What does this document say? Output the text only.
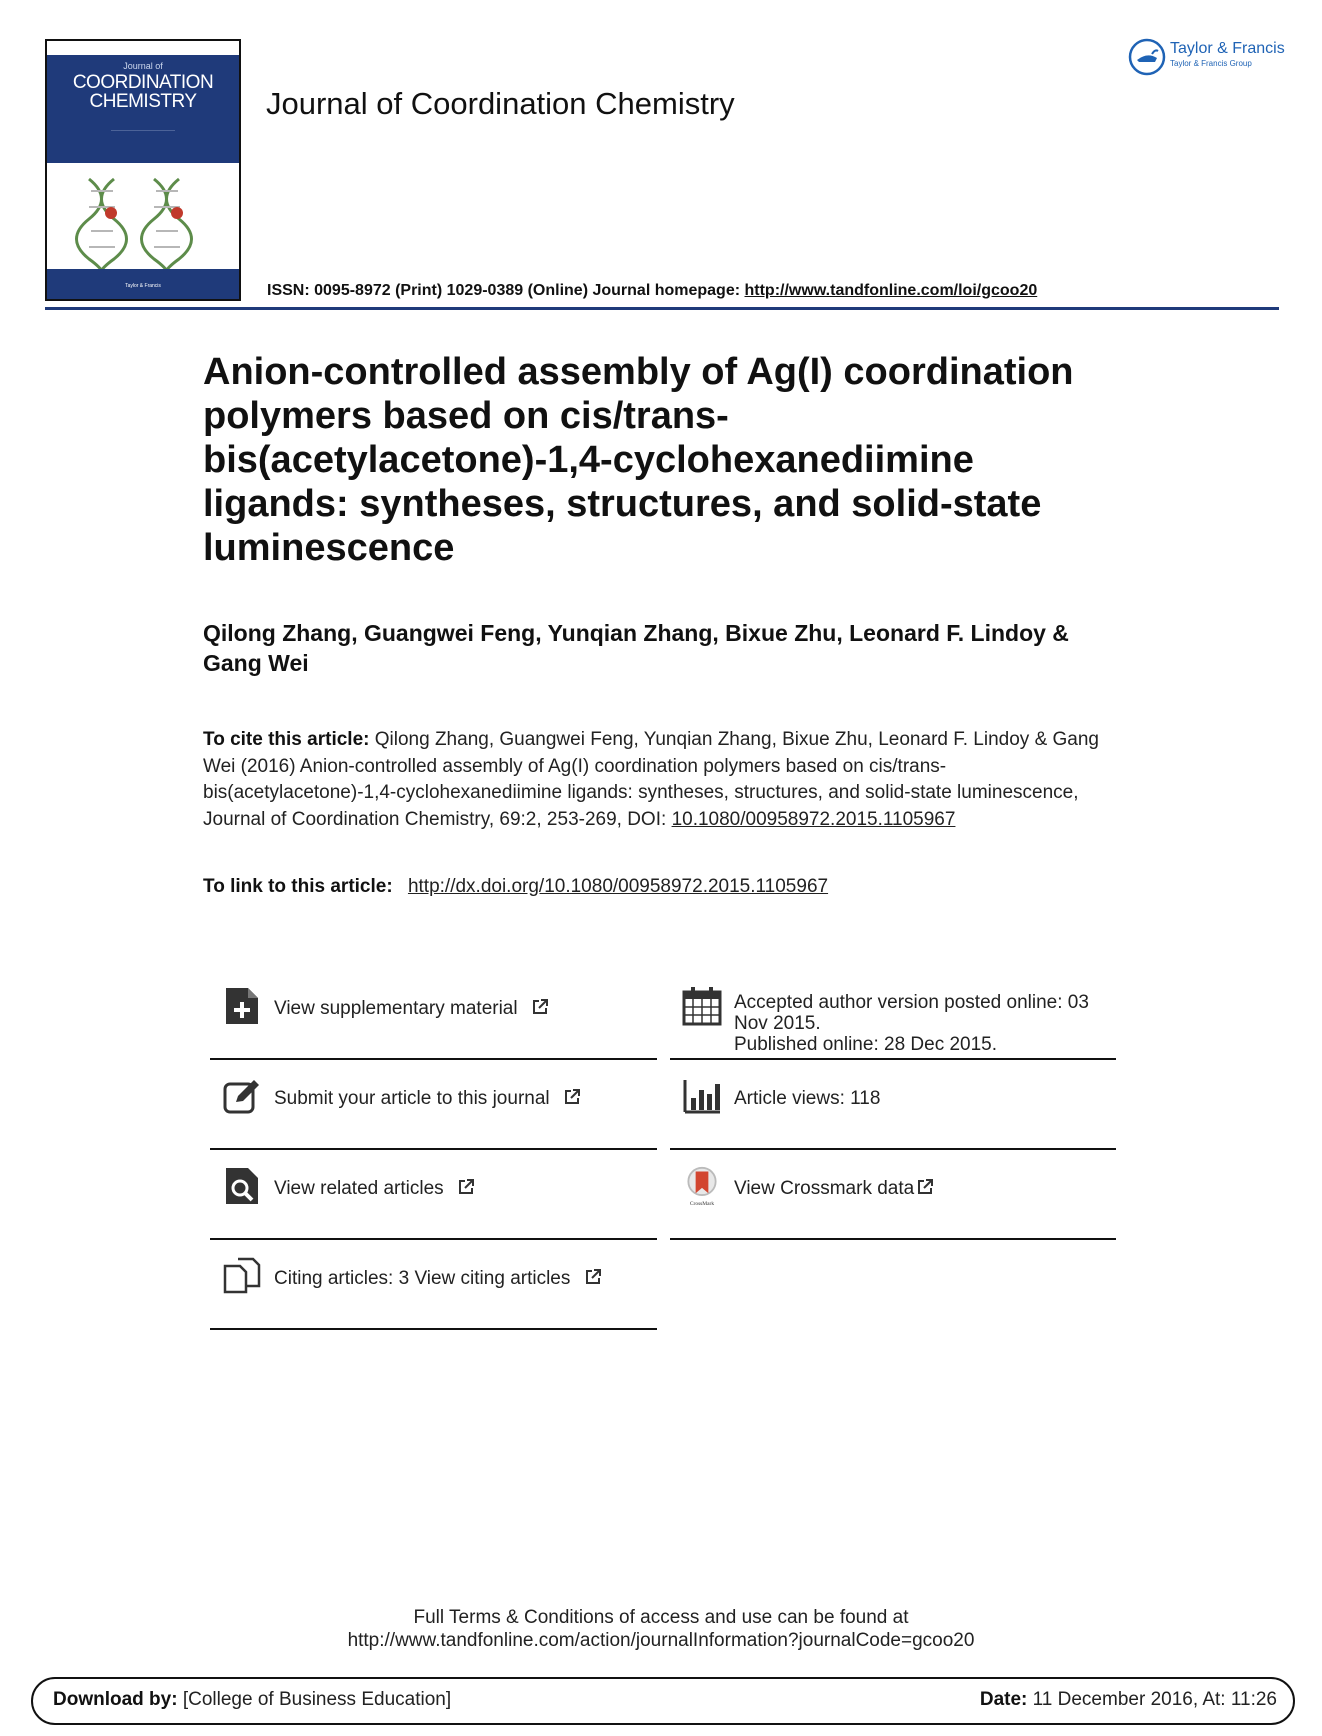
Journal of
COORDINATION
CHEMISTRY
————————————————
Taylor & Francis
Journal of Coordination Chemistry
Taylor & Francis
Taylor & Francis Group
ISSN: 0095-8972 (Print) 1029-0389 (Online) Journal homepage: http://www.tandfonline.com/loi/gcoo20
Anion-controlled assembly of Ag(I) coordination polymers based on cis/trans-bis(acetylacetone)-1,4-cyclohexanediimine ligands: syntheses, structures, and solid-state luminescence
Qilong Zhang, Guangwei Feng, Yunqian Zhang, Bixue Zhu, Leonard F. Lindoy & Gang Wei
To cite this article: Qilong Zhang, Guangwei Feng, Yunqian Zhang, Bixue Zhu, Leonard F. Lindoy & Gang Wei (2016) Anion-controlled assembly of Ag(I) coordination polymers based on cis/trans-bis(acetylacetone)-1,4-cyclohexanediimine ligands: syntheses, structures, and solid-state luminescence, Journal of Coordination Chemistry, 69:2, 253-269, DOI: 10.1080/00958972.2015.1105967
To link to this article: http://dx.doi.org/10.1080/00958972.2015.1105967
View supplementary material
Submit your article to this journal
View related articles
Citing articles: 3 View citing articles
Accepted author version posted online: 03 Nov 2015.
Published online: 28 Dec 2015.
Article views: 118
CrossMark
View Crossmark data
Full Terms & Conditions of access and use can be found at
http://www.tandfonline.com/action/journalInformation?journalCode=gcoo20
Download by: [College of Business Education]	Date: 11 December 2016, At: 11:26
